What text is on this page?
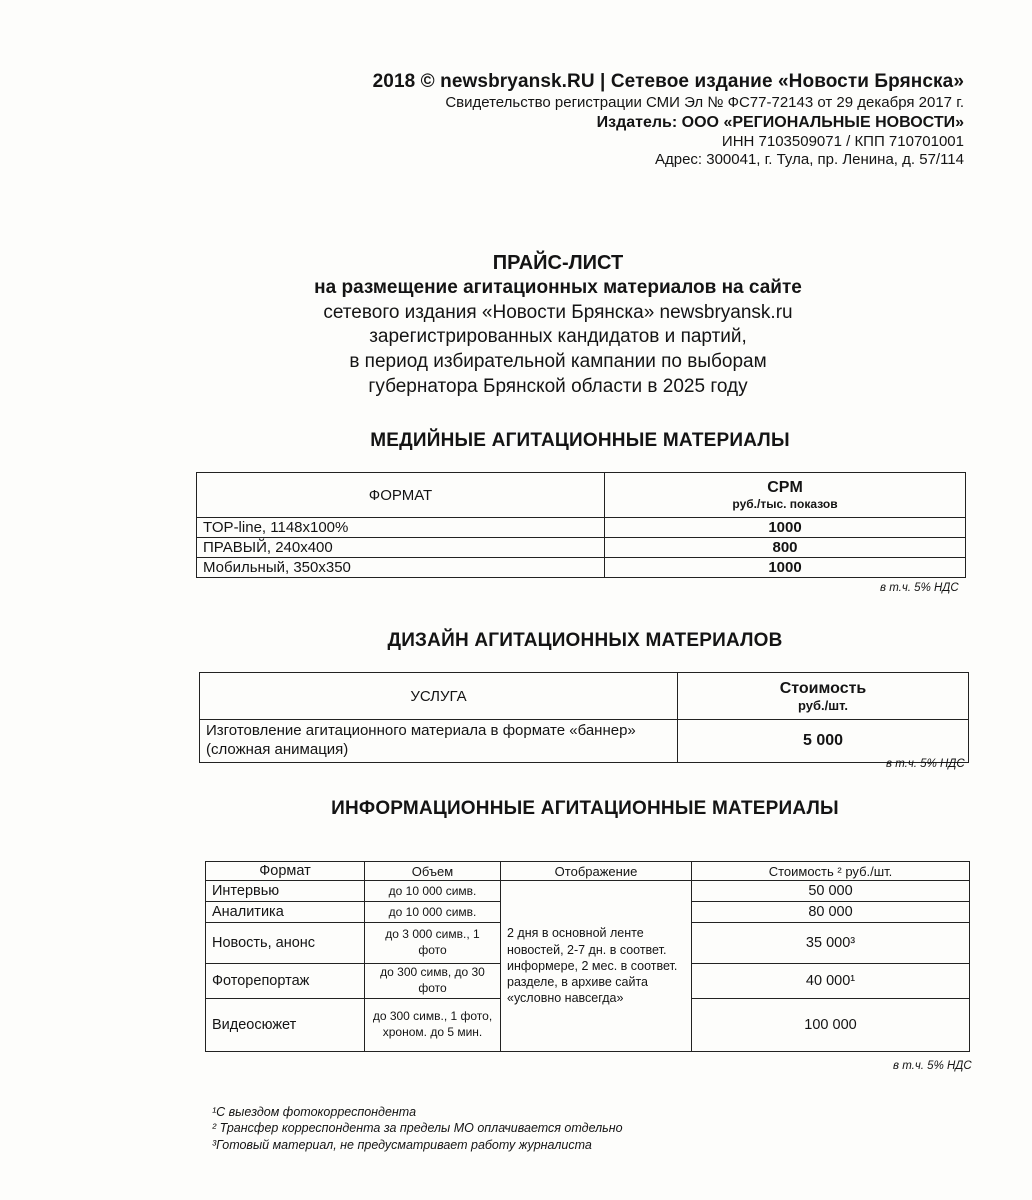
2018 © newsbryansk.RU | Сетевое издание «Новости Брянска»
Свидетельство регистрации СМИ Эл № ФС77-72143 от 29 декабря 2017 г.
Издатель: ООО «РЕГИОНАЛЬНЫЕ НОВОСТИ»
ИНН 7103509071 / КПП 710701001
Адрес: 300041, г. Тула, пр. Ленина, д. 57/114
ПРАЙС-ЛИСТ
на размещение агитационных материалов на сайте
сетевого издания «Новости Брянска» newsbryansk.ru
зарегистрированных кандидатов и партий,
в период избирательной кампании по выборам
губернатора Брянской области в 2025 году
МЕДИЙНЫЕ АГИТАЦИОННЫЕ МАТЕРИАЛЫ
ФОРМАТ	CPM
руб./тыс. показов

TOP-line, 1148x100%	1000
ПРАВЫЙ, 240x400	800
Мобильный, 350x350	1000
в т.ч. 5% НДС
ДИЗАЙН АГИТАЦИОННЫХ МАТЕРИАЛОВ
УСЛУГА	Стоимость
руб./шт.

Изготовление агитационного материала в формате «баннер» (сложная анимация)	5 000
в т.ч. 5% НДС
ИНФОРМАЦИОННЫЕ АГИТАЦИОННЫЕ МАТЕРИАЛЫ
Формат	Объем	Отображение	Стоимость ² руб./шт.
Интервью	до 10 000 симв.	2 дня в основной ленте новостей, 2-7 дн. в соответ. информере, 2 мес. в соответ. разделе, в архиве сайта «условно навсегда»	50 000
Аналитика	до 10 000 симв.		80 000
Новость, анонс	до 3 000 симв., 1 фото		35 000³
Фоторепортаж	до 300 симв, до 30 фото		40 000¹
Видеосюжет	до 300 симв., 1 фото, хроном. до 5 мин.		100 000
в т.ч. 5% НДС
¹С выездом фотокорреспондента
² Трансфер корреспондента за пределы МО оплачивается отдельно
³Готовый материал, не предусматривает работу журналиста
